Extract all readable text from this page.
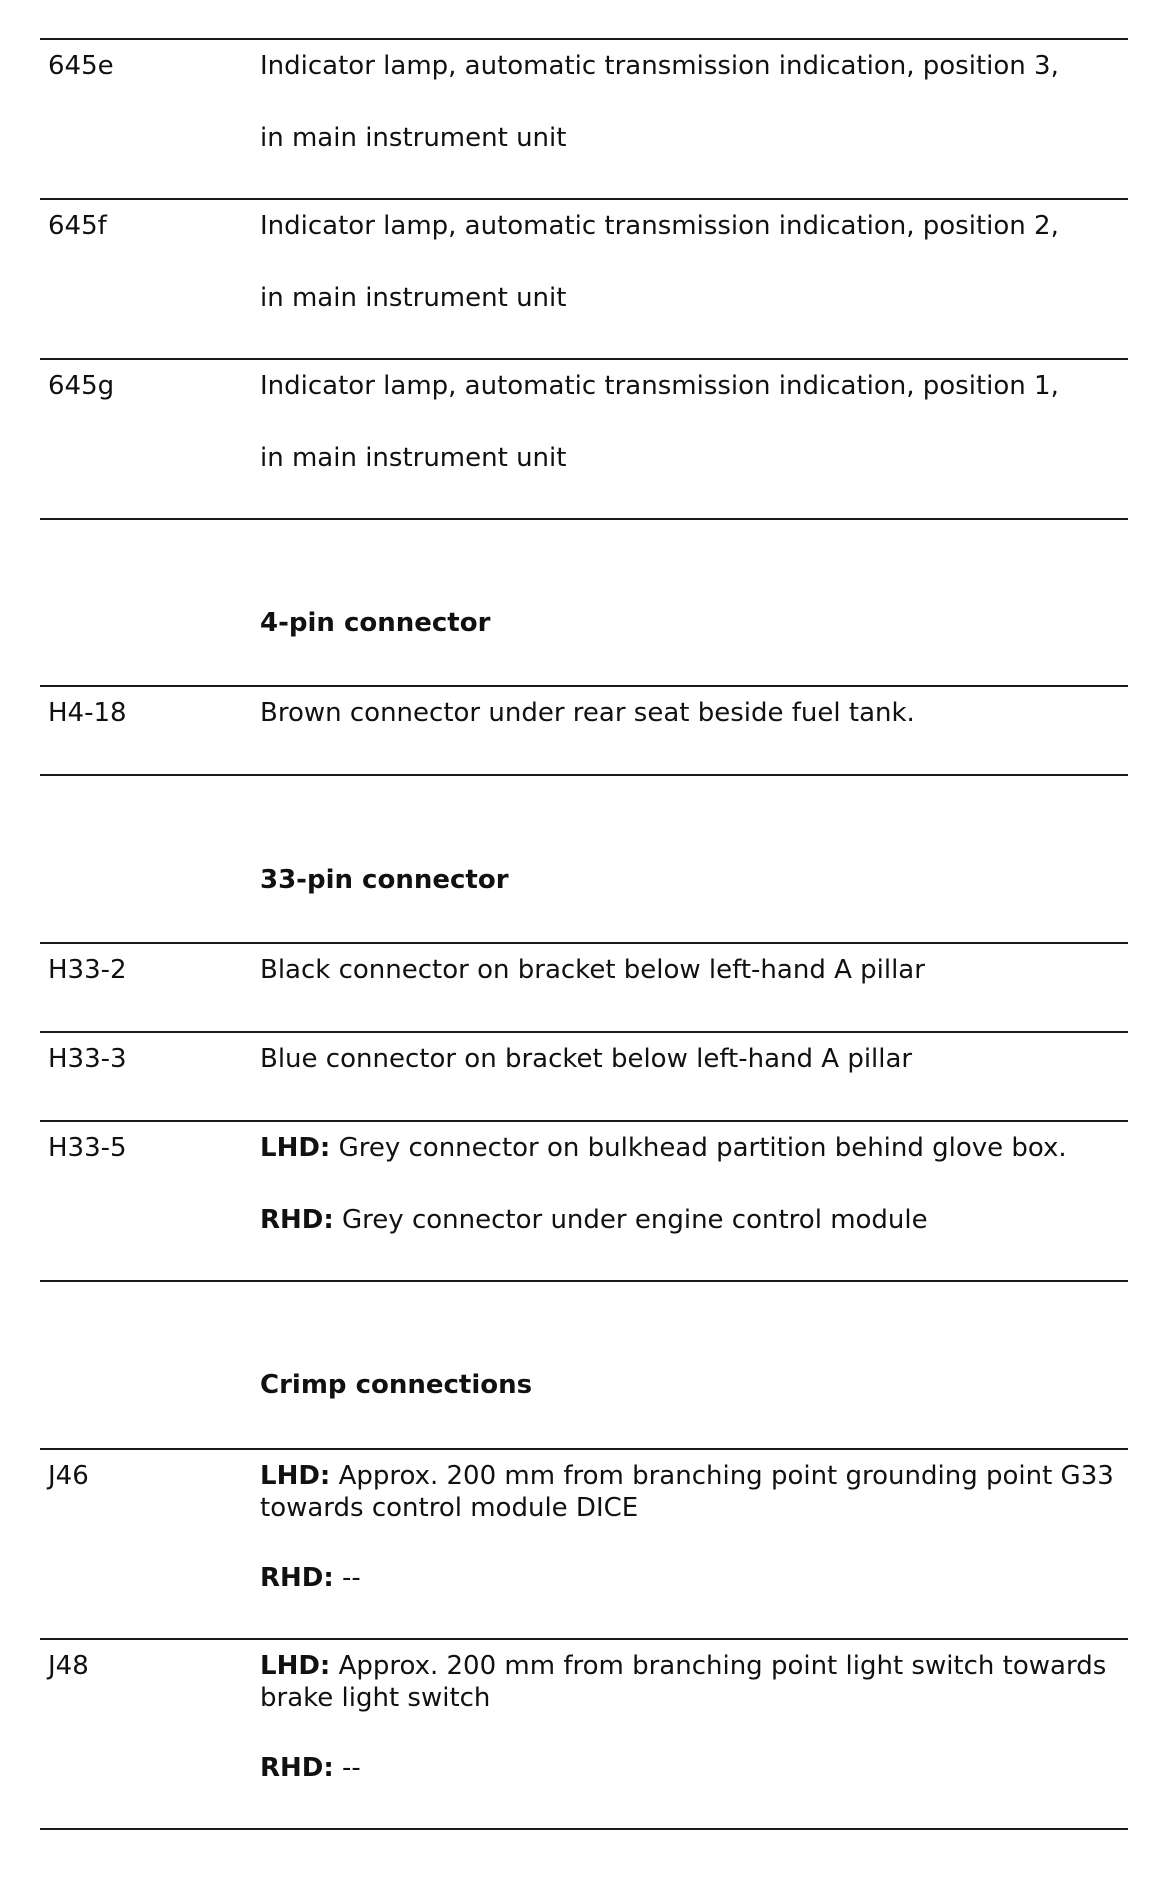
645e	Indicator lamp, automatic transmission indication, position 3,
in main instrument unit
645f	Indicator lamp, automatic transmission indication, position 2,
in main instrument unit
645g	Indicator lamp, automatic transmission indication, position 1,
in main instrument unit
4-pin connector
H4-18	Brown connector under rear seat beside fuel tank.
33-pin connector
H33-2	Black connector on bracket below left-hand A pillar
H33-3	Blue connector on bracket below left-hand A pillar
H33-5	LHD: Grey connector on bulkhead partition behind glove box.
RHD: Grey connector under engine control module
Crimp connections
J46	LHD: Approx. 200 mm from branching point grounding point G33 towards control module DICE
RHD: --
J48	LHD: Approx. 200 mm from branching point light switch towards brake light switch
RHD: --
